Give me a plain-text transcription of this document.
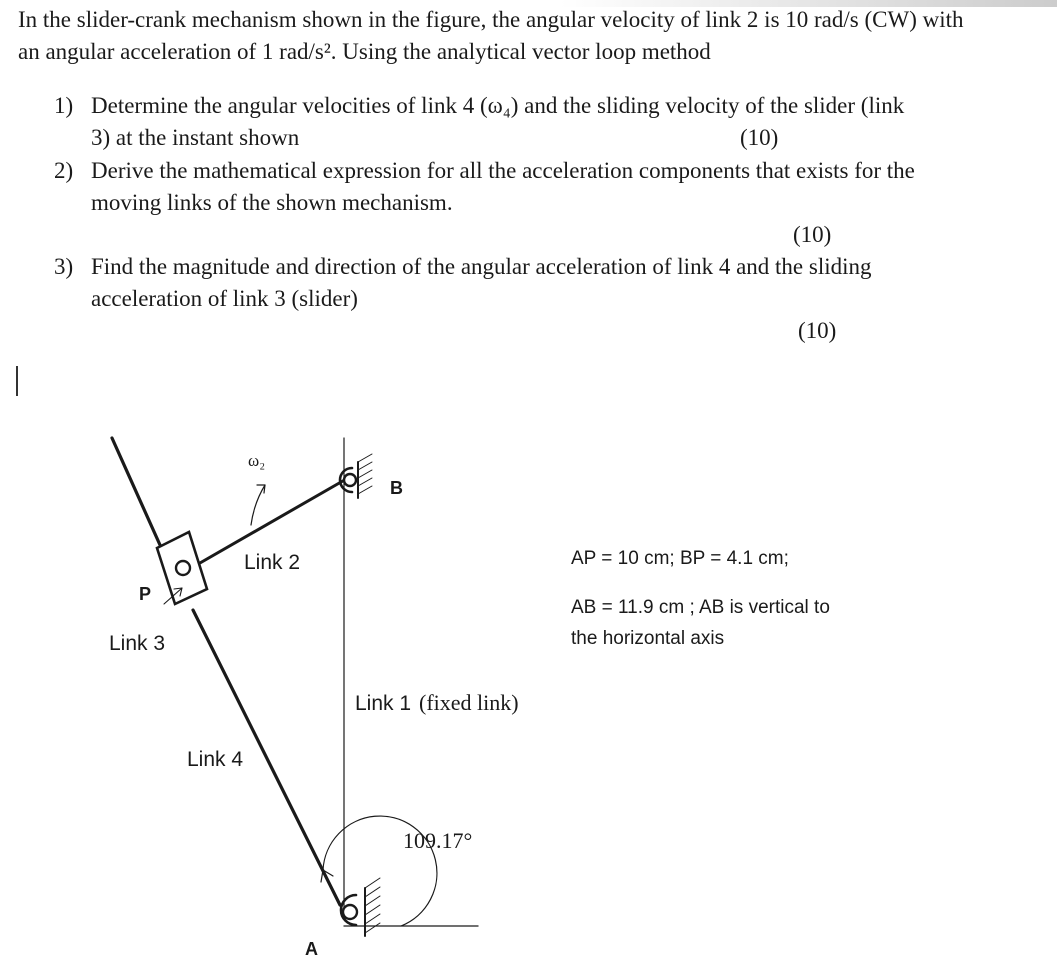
In the slider-crank mechanism shown in the figure, the angular velocity of link 2 is 10 rad/s (CW) with an angular acceleration of 1 rad/s². Using the analytical vector loop method

1) Determine the angular velocities of link 4 (ω₄) and the sliding velocity of the slider (link
3) at the instant shown	(10)
2) Derive the mathematical expression for all the acceleration components that exists for the
moving links of the shown mechanism.
(10)
3) Find the magnitude and direction of the angular acceleration of link 4 and the sliding
acceleration of link 3 (slider)
(10)
ω₂
B
Link 2
P
Link 3
Link 1 (fixed link)
Link 4
109.17°
A
AP = 10 cm; BP = 4.1 cm;
AB = 11.9 cm ; AB is vertical to
the horizontal axis
